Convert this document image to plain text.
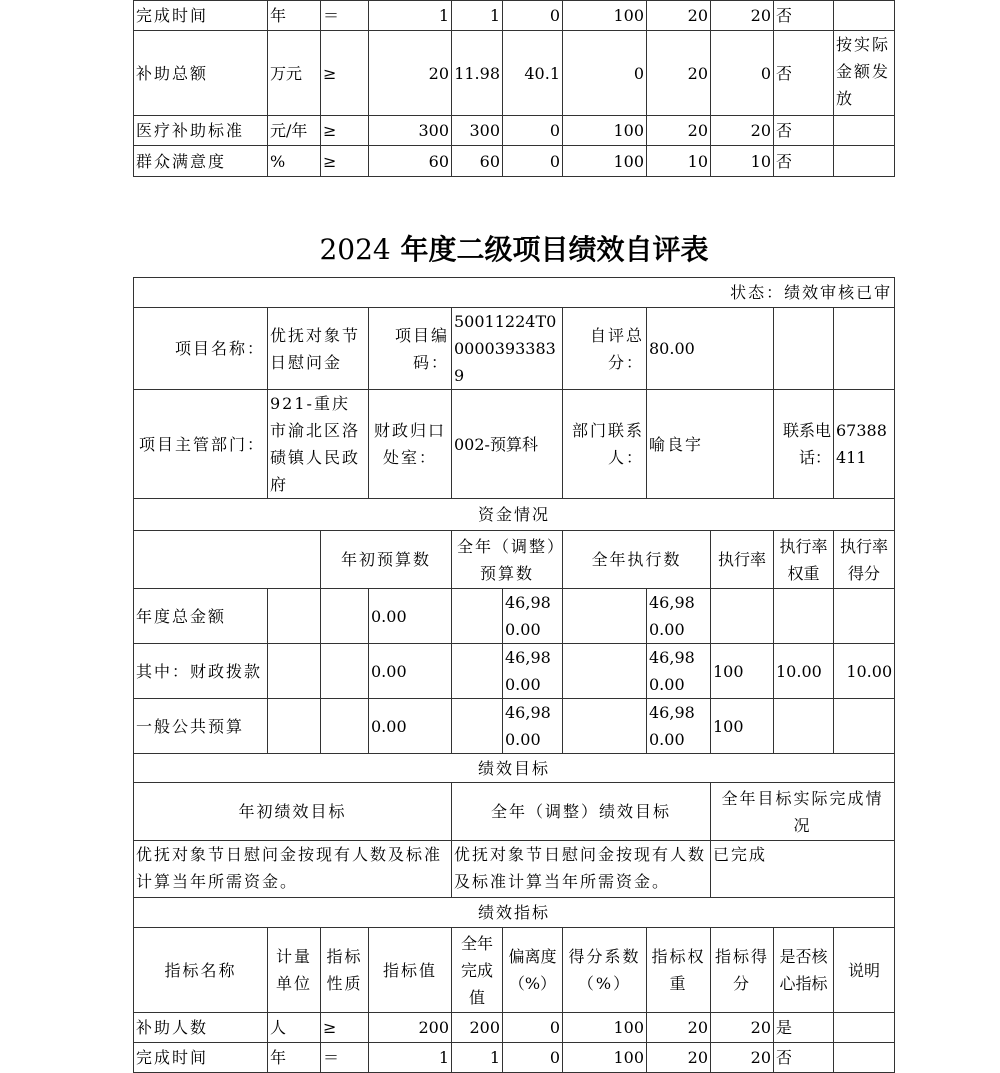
完成时间	年	＝	1	1	0	100	20	20	否	
补助总额	万元	≥	20	11.98	40.1	0	20	0	否	按实际金额发放
医疗补助标准	元/年	≥	300	300	0	100	20	20	否	
群众满意度	%	≥	60	60	0	100	10	10	否	
2024 年度二级项目绩效自评表
状态：绩效审核已审										
项目名称：	优抚对象节日慰问金		项目编码：	50011224T000003933839		自评总分：	80.00			
项目主管部门：	921-重庆市渝北区洛碛镇人民政府		财政归口处室：	002-预算科		部门联系人：	喻良宇		联系电话：	67388411
资金情况										
		年初预算数		全年（调整）预算数		全年执行数		执行率	执行率权重	执行率得分
年度总金额			0.00		46,980.00		46,980.00			
其中：财政拨款			0.00		46,980.00		46,980.00	100	10.00	10.00
一般公共预算			0.00		46,980.00		46,980.00	100		
绩效目标										
年初绩效目标				全年（调整）绩效目标				全年目标实际完成情况		
优抚对象节日慰问金按现有人数及标准计算当年所需资金。				优抚对象节日慰问金按现有人数及标准计算当年所需资金。				已完成		
绩效指标										
指标名称	计量单位	指标性质	指标值	全年完成值	偏离度（%）	得分系数（%）	指标权重	指标得分	是否核心指标	说明
补助人数	人	≥	200	200	0	100	20	20	是	
完成时间	年	＝	1	1	0	100	20	20	否	
